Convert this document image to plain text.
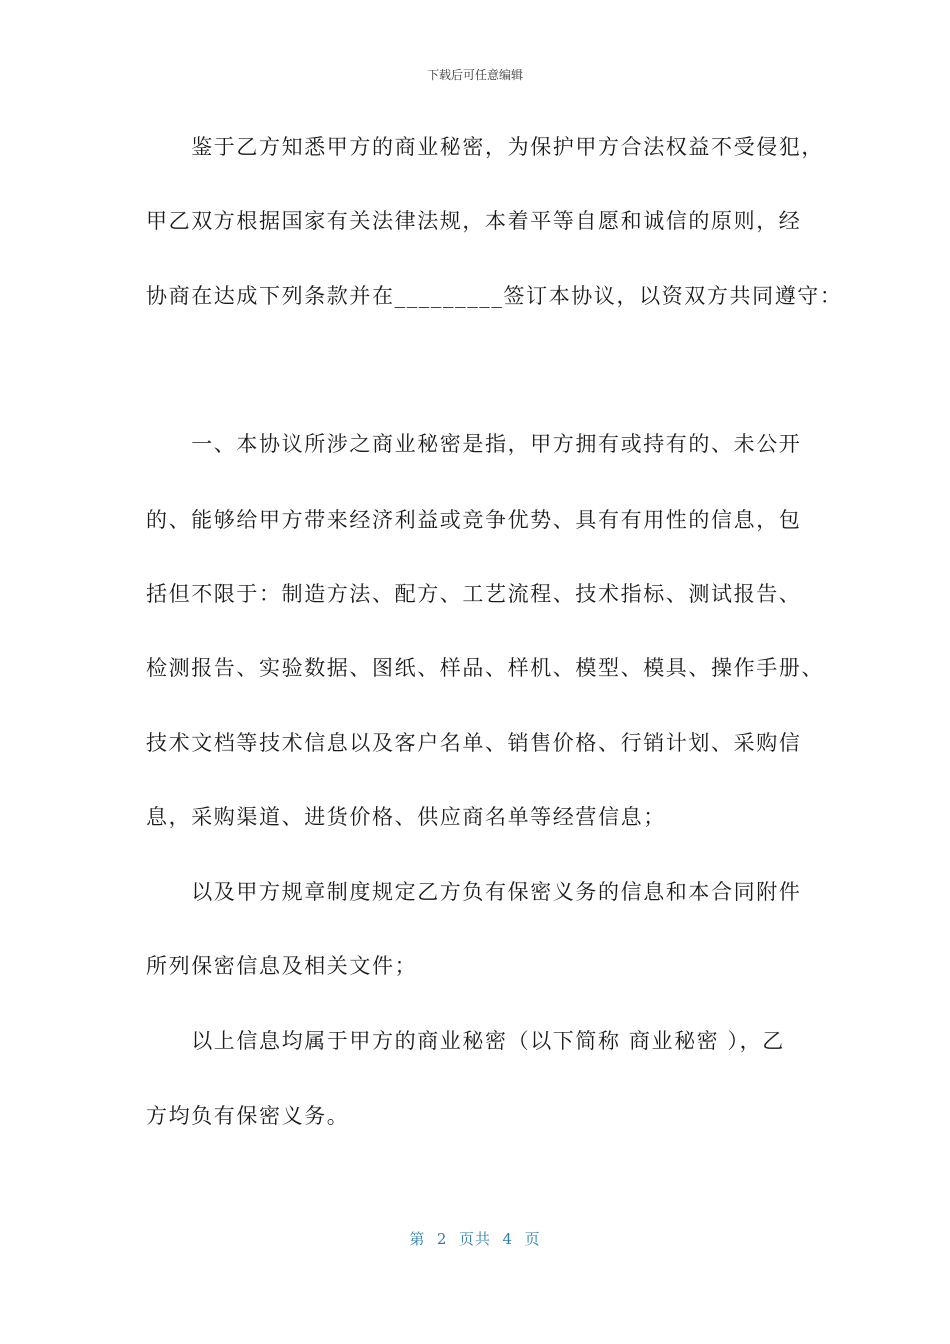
下载后可任意编辑
　　鉴于乙方知悉甲方的商业秘密，为保护甲方合法权益不受侵犯，
甲乙双方根据国家有关法律法规，本着平等自愿和诚信的原则，经
协商在达成下列条款并在_________签订本协议，以资双方共同遵守：
　　一、本协议所涉之商业秘密是指，甲方拥有或持有的、未公开
的、能够给甲方带来经济利益或竞争优势、具有有用性的信息，包
括但不限于：制造方法、配方、工艺流程、技术指标、测试报告、
检测报告、实验数据、图纸、样品、样机、模型、模具、操作手册、
技术文档等技术信息以及客户名单、销售价格、行销计划、采购信
息，采购渠道、进货价格、供应商名单等经营信息；
　　以及甲方规章制度规定乙方负有保密义务的信息和本合同附件
所列保密信息及相关文件；
　　以上信息均属于甲方的商业秘密（以下简称 商业秘密 ），乙
方均负有保密义务。
第  2  页共  4  页
